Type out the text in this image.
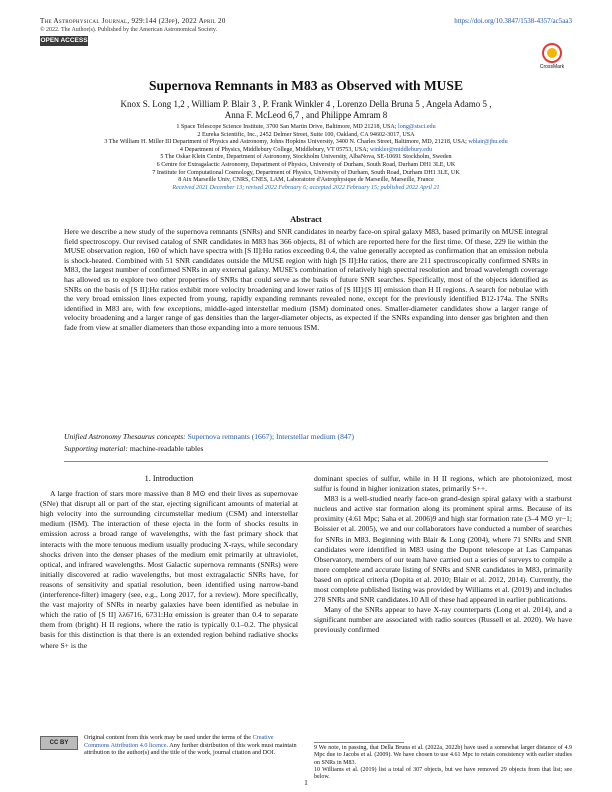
The Astrophysical Journal, 929:144 (23pp), 2022 April 20	https://doi.org/10.3847/1538-4357/ac5aa3
© 2022. The Author(s). Published by the American Astronomical Society.
OPEN ACCESS
CrossMark
Supernova Remnants in M83 as Observed with MUSE
Knox S. Long 1,2 , William P. Blair 3 , P. Frank Winkler 4 , Lorenzo Della Bruna 5 , Angela Adamo 5 ,
Anna F. McLeod 6,7 , and Philippe Amram 8
1 Space Telescope Science Institute, 3700 San Martin Drive, Baltimore, MD 21218, USA; long@stsci.edu
2 Eureka Scientific, Inc., 2452 Delmer Street, Suite 100, Oakland, CA 94602-3017, USA
3 The William H. Miller III Department of Physics and Astronomy, Johns Hopkins University, 3400 N. Charles Street, Baltimore, MD, 21218, USA; wblair@jhu.edu
4 Department of Physics, Middlebury College, Middlebury, VT 05753, USA; winkler@middlebury.edu
5 The Oskar Klein Centre, Department of Astronomy, Stockholm University, AlbaNova, SE-10691 Stockholm, Sweden
6 Centre for Extragalactic Astronomy, Department of Physics, University of Durham, South Road, Durham DH1 3LE, UK
7 Institute for Computational Cosmology, Department of Physics, University of Durham, South Road, Durham DH1 3LE, UK
8 Aix Marseille Univ, CNRS, CNES, LAM, Laboratoire d'Astrophysique de Marseille, Marseille, France
Received 2021 December 13; revised 2022 February 6; accepted 2022 February 15; published 2022 April 21
Abstract

Here we describe a new study of the supernova remnants (SNRs) and SNR candidates in nearby face-on spiral galaxy M83, based primarily on MUSE integral field spectroscopy. Our revised catalog of SNR candidates in M83 has 366 objects, 81 of which are reported here for the first time. Of these, 229 lie within the MUSE observation region, 160 of which have spectra with [S II]:Hα ratios exceeding 0.4, the value generally accepted as confirmation that an emission nebula is shock-heated. Combined with 51 SNR candidates outside the MUSE region with high [S II]:Hα ratios, there are 211 spectroscopically confirmed SNRs in M83, the largest number of confirmed SNRs in any external galaxy. MUSE's combination of relatively high spectral resolution and broad wavelength coverage has allowed us to explore two other properties of SNRs that could serve as the basis of future SNR searches. Specifically, most of the objects identified as SNRs on the basis of [S II]:Hα ratios exhibit more velocity broadening and lower ratios of [S III]:[S II] emission than H II regions. A search for nebulae with the very broad emission lines expected from young, rapidly expanding remnants revealed none, except for the previously identified B12-174a. The SNRs identified in M83 are, with few exceptions, middle-aged interstellar medium (ISM) dominated ones. Smaller-diameter candidates show a larger range of velocity broadening and a larger range of gas densities than the larger-diameter objects, as expected if the SNRs expanding into denser gas brighten and then fade from view at smaller diameters than those expanding into a more tenuous ISM.

Unified Astronomy Thesaurus concepts: Supernova remnants (1667); Interstellar medium (847)
Supporting material: machine-readable tables
1. Introduction

A large fraction of stars more massive than 8 M⊙ end their lives as supernovae (SNe) that disrupt all or part of the star, ejecting significant amounts of material at high velocity into the surrounding circumstellar medium (CSM) and interstellar medium (ISM). The interaction of these ejecta in the form of shocks results in emission across a broad range of wavelengths, with the fast primary shock that interacts with the more tenuous medium usually producing X-rays, while secondary shocks driven into the denser phases of the medium emit primarily at ultraviolet, optical, and infrared wavelengths. Most Galactic supernova remnants (SNRs) were initially discovered at radio wavelengths, but most extragalactic SNRs have, for reasons of sensitivity and spatial resolution, been identified using narrow-band (interference-filter) imagery (see, e.g., Long 2017, for a review). More specifically, the vast majority of SNRs in nearby galaxies have been identified as nebulae in which the ratio of [S II] λλ6716, 6731:Hα emission is greater than 0.4 to separate them from (bright) H II regions, where the ratio is typically 0.1–0.2. The physical basis for this distinction is that there is an extended region behind radiative shocks where S+ is the

dominant species of sulfur, while in H II regions, which are photoionized, most sulfur is found in higher ionization states, primarily S++.

M83 is a well-studied nearly face-on grand-design spiral galaxy with a starburst nucleus and active star formation along its prominent spiral arms. Because of its proximity (4.61 Mpc; Saha et al. 2006)9 and high star formation rate (3–4 M⊙ yr−1; Boissier et al. 2005), we and our collaborators have conducted a number of searches for SNRs in M83. Beginning with Blair & Long (2004), where 71 SNRs and SNR candidates were identified in M83 using the Dupont telescope at Las Campanas Observatory, members of our team have carried out a series of surveys to compile a more complete and accurate listing of SNRs and SNR candidates in M83, primarily based on optical criteria (Dopita et al. 2010; Blair et al. 2012, 2014). Currently, the most complete published listing was provided by Williams et al. (2019) and includes 278 SNRs and SNR candidates.10 All of these had appeared in earlier publications.

Many of the SNRs appear to have X-ray counterparts (Long et al. 2014), and a significant number are associated with radio sources (Russell et al. 2020). We have previously confirmed

CC BY
Original content from this work may be used under the terms of the Creative Commons Attribution 4.0 licence. Any further distribution of this work must maintain attribution to the author(s) and the title of the work, journal citation and DOI.
9 We note, in passing, that Della Bruna et al. (2022a, 2022b) have used a somewhat larger distance of 4.9 Mpc due to Jacobs et al. (2009). We have chosen to use 4.61 Mpc to retain consistency with earlier studies on SNRs in M83.
10 Williams et al. (2019) list a total of 307 objects, but we have removed 29 objects from that list; see below.
1
